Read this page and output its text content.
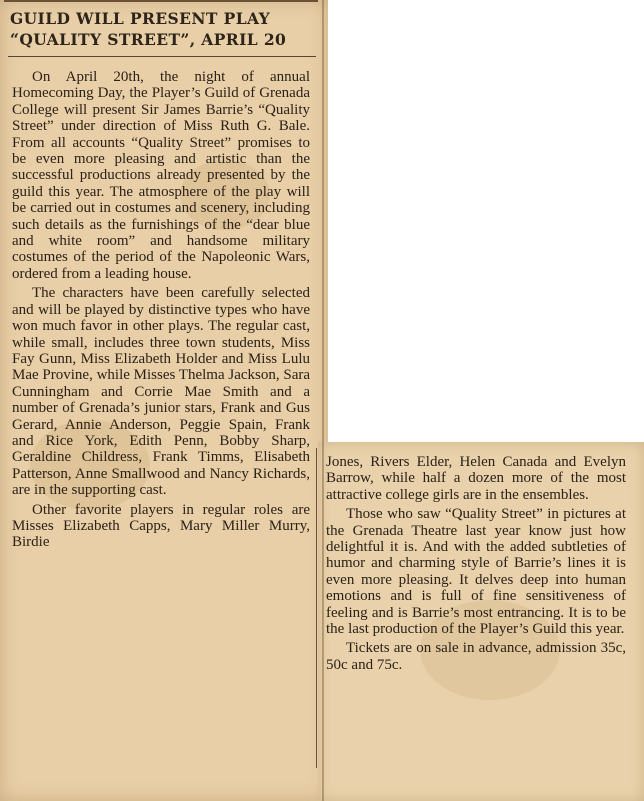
GUILD WILL PRESENT PLAY
“QUALITY STREET”, APRIL 20

On April 20th, the night of annual Homecoming Day, the Player’s Guild of Grenada College will present Sir James Barrie’s “Quality Street” under direction of Miss Ruth G. Bale. From all accounts “Quality Street” promises to be even more pleasing and artistic than the successful productions already presented by the guild this year. The atmosphere of the play will be carried out in costumes and scenery, including such details as the furnishings of the “dear blue and white room” and handsome military costumes of the period of the Napoleonic Wars, ordered from a leading house.

The characters have been carefully selected and will be played by distinctive types who have won much favor in other plays. The regular cast, while small, includes three town students, Miss Fay Gunn, Miss Elizabeth Holder and Miss Lulu Mae Provine, while Misses Thelma Jackson, Sara Cunningham and Corrie Mae Smith and a number of Grenada’s junior stars, Frank and Gus Gerard, Annie Anderson, Peggie Spain, Frank and Rice York, Edith Penn, Bobby Sharp, Geraldine Childress, Frank Timms, Elisabeth Patterson, Anne Smallwood and Nancy Richards, are in the supporting cast.

Other favorite players in regular roles are Misses Elizabeth Capps, Mary Miller Murry, Birdie

Jones, Rivers Elder, Helen Canada and Evelyn Barrow, while half a dozen more of the most attractive college girls are in the ensembles.

Those who saw “Quality Street” in pictures at the Grenada Theatre last year know just how delightful it is. And with the added subtleties of humor and charming style of Barrie’s lines it is even more pleasing. It delves deep into human emotions and is full of fine sensitiveness of feeling and is Barrie’s most entrancing. It is to be the last production of the Player’s Guild this year.

Tickets are on sale in advance, admission 35c, 50c and 75c.
